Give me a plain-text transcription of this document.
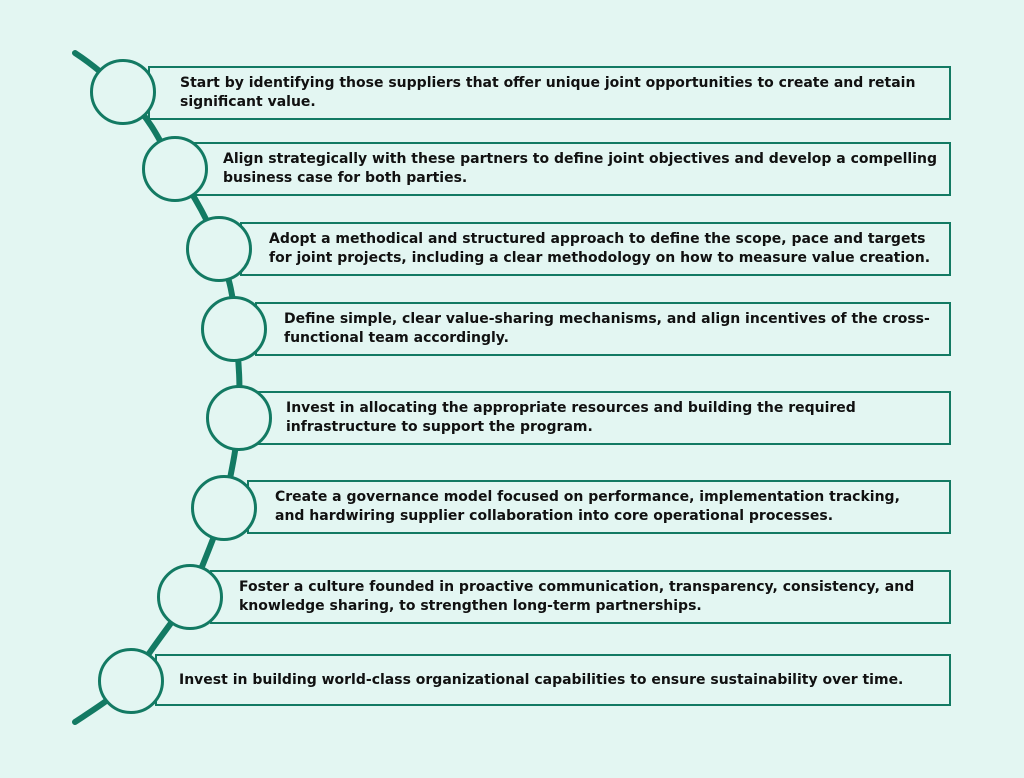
Start by identifying those suppliers that offer unique joint opportunities to create and retain
significant value.
Align strategically with these partners to define joint objectives and develop a compelling
business case for both parties.
Adopt a methodical and structured approach to define the scope, pace and targets
for joint projects, including a clear methodology on how to measure value creation.
Define simple, clear value-sharing mechanisms, and align incentives of the cross-
functional team accordingly.
Invest in allocating the appropriate resources and building the required
infrastructure to support the program.
Create a governance model focused on performance, implementation tracking,
and hardwiring supplier collaboration into core operational processes.
Foster a culture founded in proactive communication, transparency, consistency, and
knowledge sharing, to strengthen long-term partnerships.
Invest in building world-class organizational capabilities to ensure sustainability over time.
